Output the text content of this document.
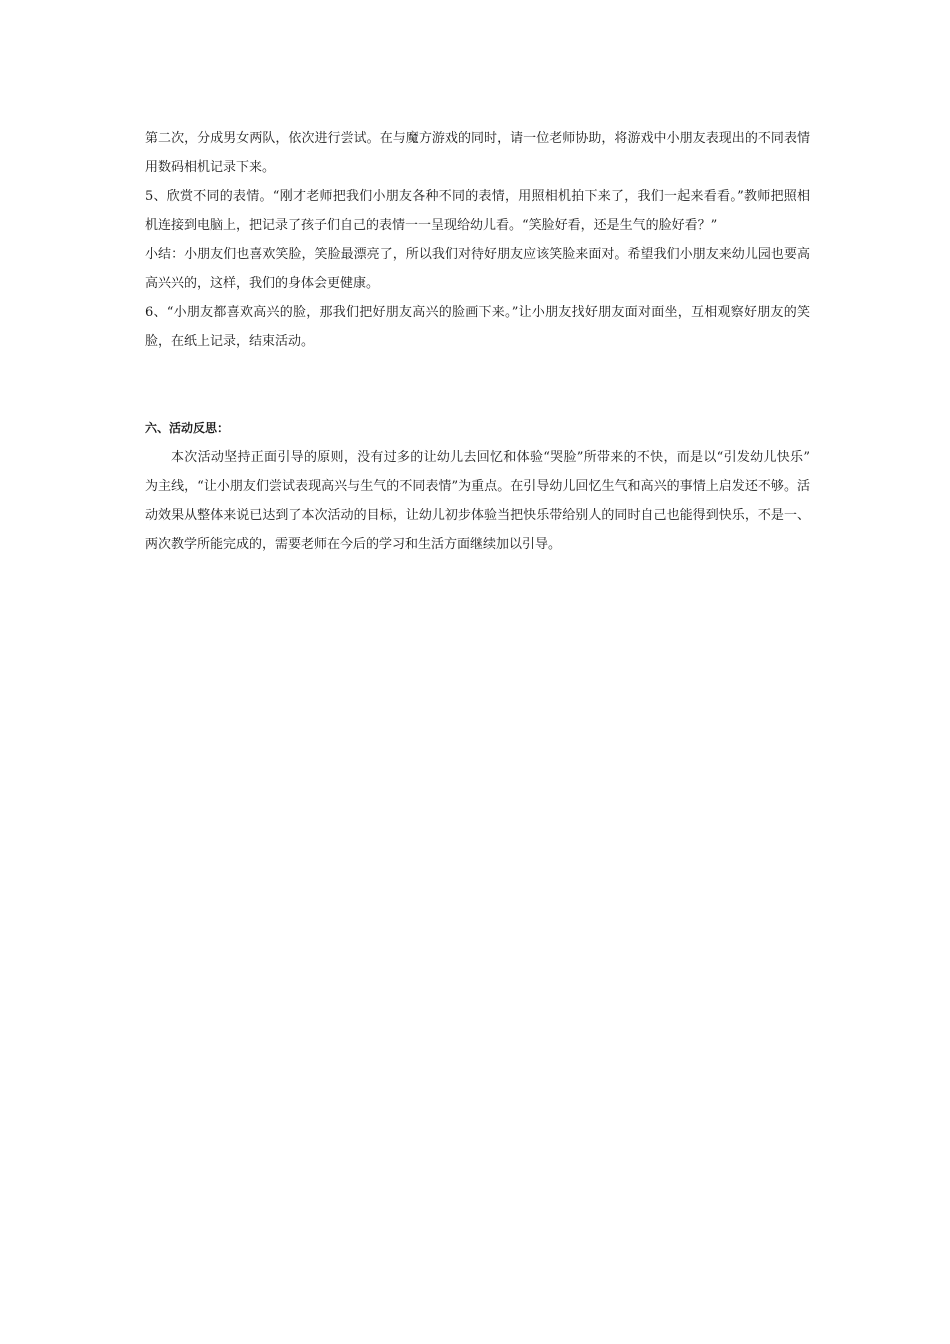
第二次，分成男女两队，依次进行尝试。在与魔方游戏的同时，请一位老师协助，将游戏中小朋友表现出的不同表情用数码相机记录下来。

5、欣赏不同的表情。“刚才老师把我们小朋友各种不同的表情，用照相机拍下来了，我们一起来看看。”教师把照相机连接到电脑上，把记录了孩子们自己的表情一一呈现给幼儿看。“笑脸好看，还是生气的脸好看？”

小结：小朋友们也喜欢笑脸，笑脸最漂亮了，所以我们对待好朋友应该笑脸来面对。希望我们小朋友来幼儿园也要高高兴兴的，这样，我们的身体会更健康。

6、“小朋友都喜欢高兴的脸，那我们把好朋友高兴的脸画下来。”让小朋友找好朋友面对面坐，互相观察好朋友的笑脸，在纸上记录，结束活动。

六、活动反思：

本次活动坚持正面引导的原则，没有过多的让幼儿去回忆和体验“哭脸”所带来的不快，而是以“引发幼儿快乐” 为主线，“让小朋友们尝试表现高兴与生气的不同表情”为重点。在引导幼儿回忆生气和高兴的事情上启发还不够。活动效果从整体来说已达到了本次活动的目标，让幼儿初步体验当把快乐带给别人的同时自己也能得到快乐，不是一、两次教学所能完成的，需要老师在今后的学习和生活方面继续加以引导。
